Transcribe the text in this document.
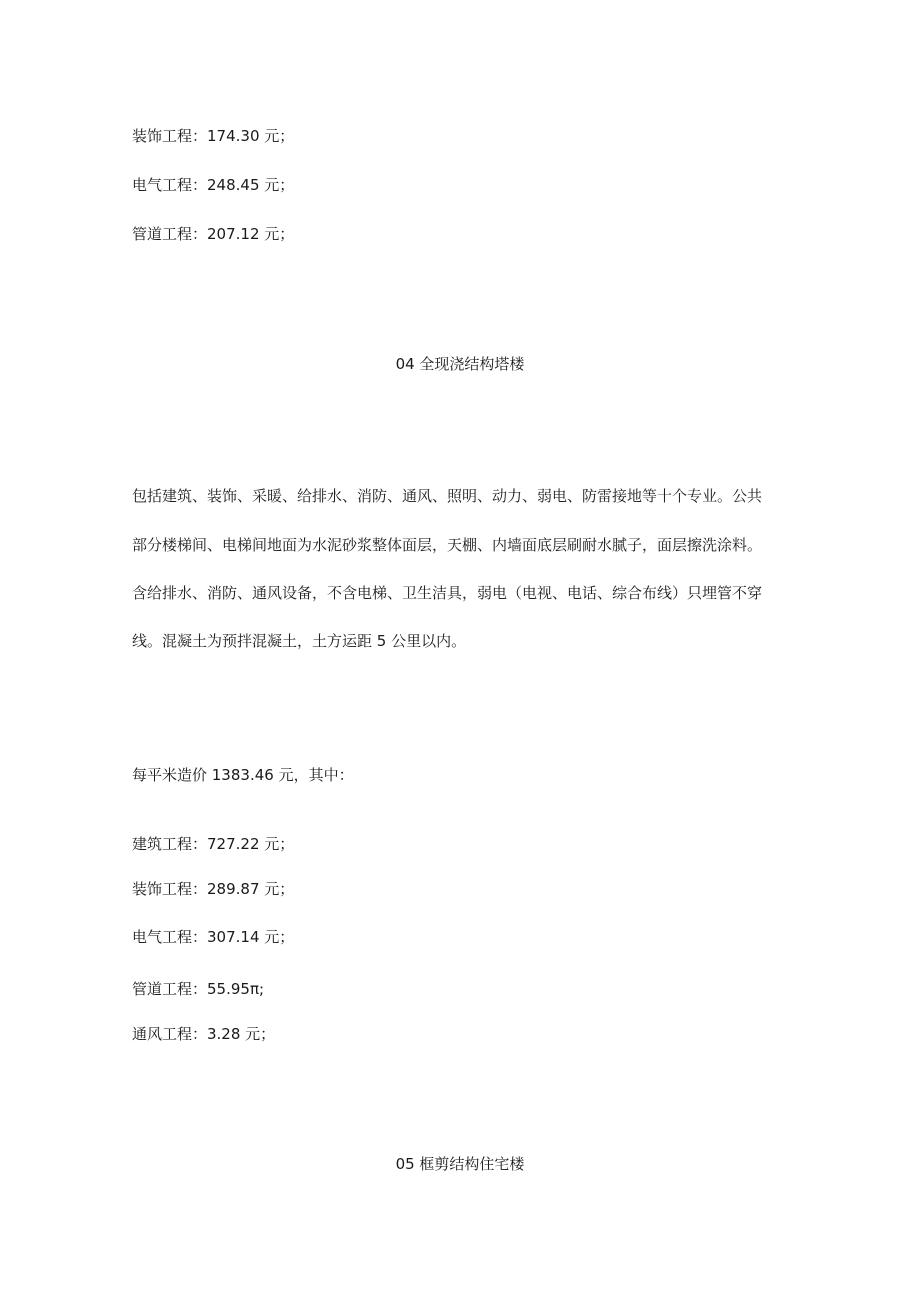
装饰工程：174.30 元；
电气工程：248.45 元；
管道工程：207.12 元；
04 全现浇结构塔楼
包括建筑、装饰、采暖、给排水、消防、通风、照明、动力、弱电、防雷接地等十个专业。公共
部分楼梯间、电梯间地面为水泥砂浆整体面层，天棚、内墙面底层刷耐水腻子，面层擦洗涂料。
含给排水、消防、通风设备，不含电梯、卫生洁具，弱电（电视、电话、综合布线）只埋管不穿
线。混凝土为预拌混凝土，土方运距 5 公里以内。
每平米造价 1383.46 元，其中：
建筑工程：727.22 元；
装饰工程：289.87 元；
电气工程：307.14 元；
管道工程：55.95π;
通风工程：3.28 元；
05 框剪结构住宅楼
